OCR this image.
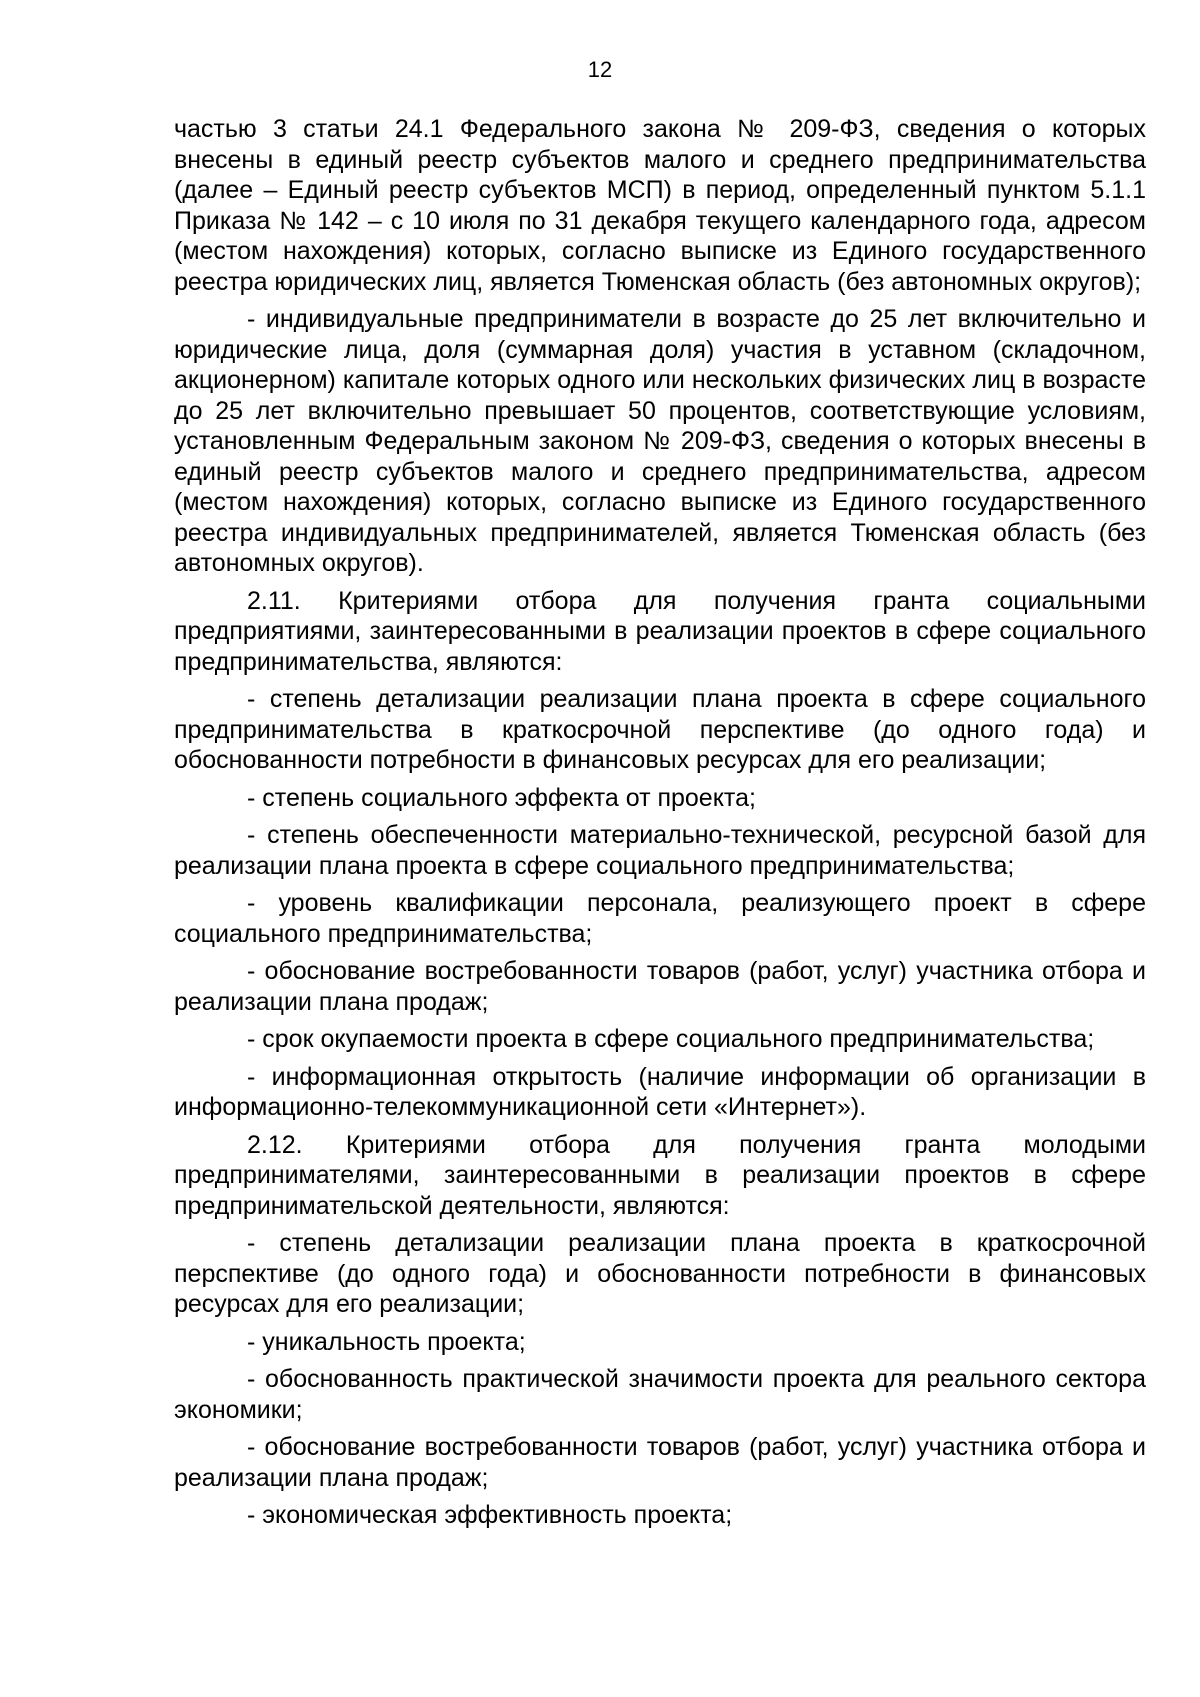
12

частью 3 статьи 24.1 Федерального закона № 209-ФЗ, сведения о которых внесены в единый реестр субъектов малого и среднего предпринимательства (далее – Единый реестр субъектов МСП) в период, определенный пунктом 5.1.1 Приказа № 142 – с 10 июля по 31 декабря текущего календарного года, адресом (местом нахождения) которых, согласно выписке из Единого государственного реестра юридических лиц, является Тюменская область (без автономных округов);

- индивидуальные предприниматели в возрасте до 25 лет включительно и юридические лица, доля (суммарная доля) участия в уставном (складочном, акционерном) капитале которых одного или нескольких физических лиц в возрасте до 25 лет включительно превышает 50 процентов, соответствующие условиям, установленным Федеральным законом № 209-ФЗ, сведения о которых внесены в единый реестр субъектов малого и среднего предпринимательства, адресом (местом нахождения) которых, согласно выписке из Единого государственного реестра индивидуальных предпринимателей, является Тюменская область (без автономных округов).

2.11. Критериями отбора для получения гранта социальными предприятиями, заинтересованными в реализации проектов в сфере социального предпринимательства, являются:

- степень детализации реализации плана проекта в сфере социального предпринимательства в краткосрочной перспективе (до одного года) и обоснованности потребности в финансовых ресурсах для его реализации;

- степень социального эффекта от проекта;

- степень обеспеченности материально-технической, ресурсной базой для реализации плана проекта в сфере социального предпринимательства;

- уровень квалификации персонала, реализующего проект в сфере социального предпринимательства;

- обоснование востребованности товаров (работ, услуг) участника отбора и реализации плана продаж;

- срок окупаемости проекта в сфере социального предпринимательства;

- информационная открытость (наличие информации об организации в информационно-телекоммуникационной сети «Интернет»).

2.12. Критериями отбора для получения гранта молодыми предпринимателями, заинтересованными в реализации проектов в сфере предпринимательской деятельности, являются:

- степень детализации реализации плана проекта в краткосрочной перспективе (до одного года) и обоснованности потребности в финансовых ресурсах для его реализации;

- уникальность проекта;

- обоснованность практической значимости проекта для реального сектора экономики;

- обоснование востребованности товаров (работ, услуг) участника отбора и реализации плана продаж;

- экономическая эффективность проекта;
